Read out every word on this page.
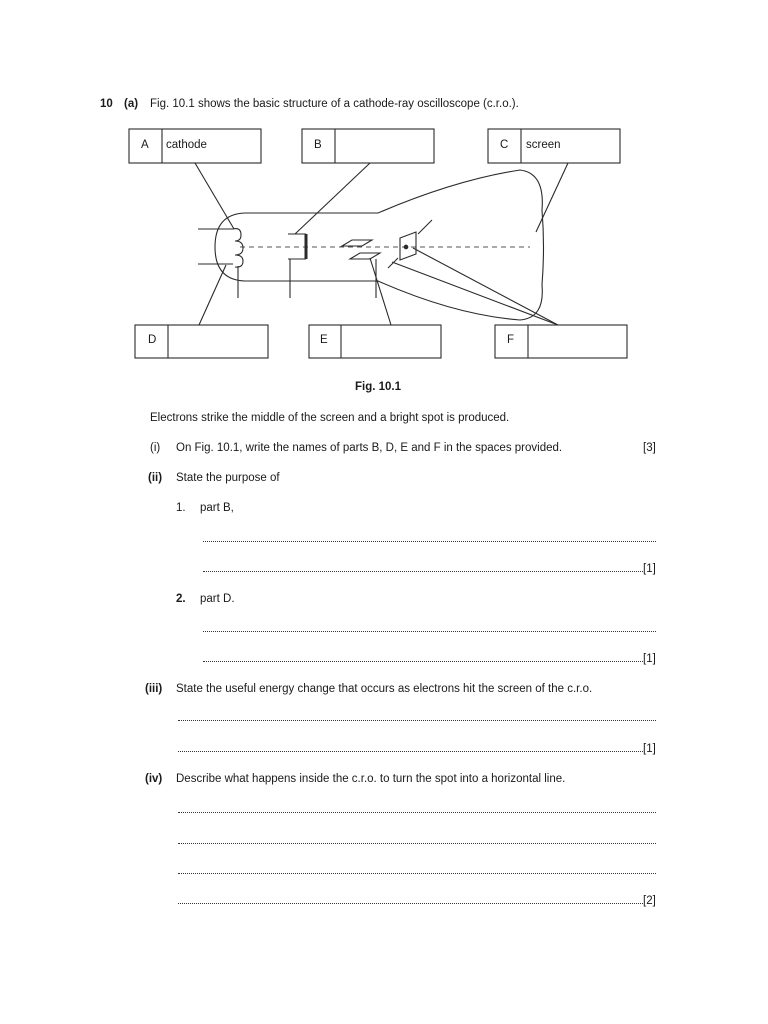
10 (a) Fig. 10.1 shows the basic structure of a cathode-ray oscilloscope (c.r.o.).
A cathode	B	C screen
D	E	F
Fig. 10.1
Electrons strike the middle of the screen and a bright spot is produced.
(i) On Fig. 10.1, write the names of parts B, D, E and F in the spaces provided.	[3]
(ii) State the purpose of
1. part B,
[1]
2. part D.
[1]
(iii) State the useful energy change that occurs as electrons hit the screen of the c.r.o.
[1]
(iv) Describe what happens inside the c.r.o. to turn the spot into a horizontal line.
[2]
